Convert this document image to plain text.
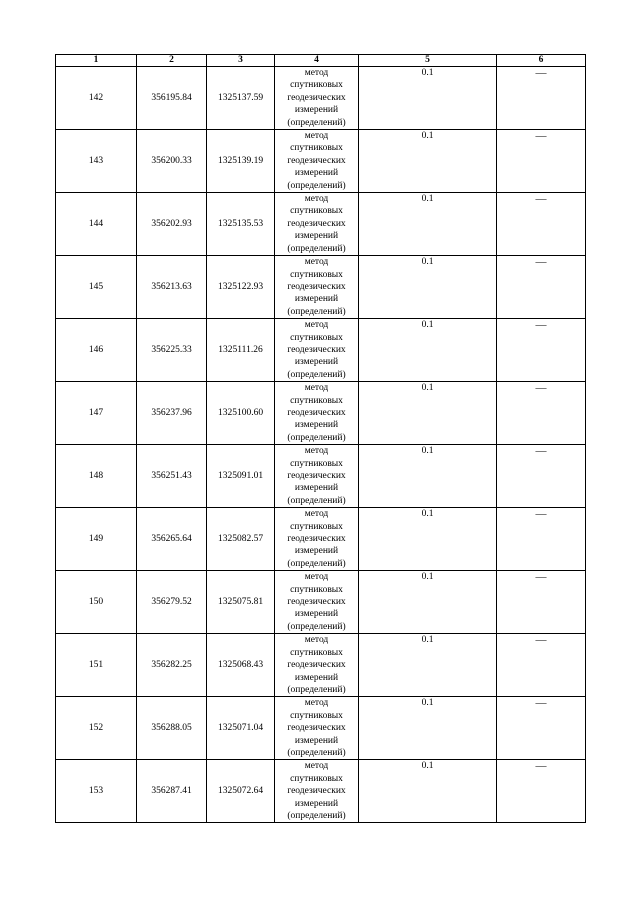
1	2	3	4	5	6
142	356195.84	1325137.59	метод
спутниковых
геодезических
измерений
(определений)	0.1	—
143	356200.33	1325139.19	метод
спутниковых
геодезических
измерений
(определений)	0.1	—
144	356202.93	1325135.53	метод
спутниковых
геодезических
измерений
(определений)	0.1	—
145	356213.63	1325122.93	метод
спутниковых
геодезических
измерений
(определений)	0.1	—
146	356225.33	1325111.26	метод
спутниковых
геодезических
измерений
(определений)	0.1	—
147	356237.96	1325100.60	метод
спутниковых
геодезических
измерений
(определений)	0.1	—
148	356251.43	1325091.01	метод
спутниковых
геодезических
измерений
(определений)	0.1	—
149	356265.64	1325082.57	метод
спутниковых
геодезических
измерений
(определений)	0.1	—
150	356279.52	1325075.81	метод
спутниковых
геодезических
измерений
(определений)	0.1	—
151	356282.25	1325068.43	метод
спутниковых
геодезических
измерений
(определений)	0.1	—
152	356288.05	1325071.04	метод
спутниковых
геодезических
измерений
(определений)	0.1	—
153	356287.41	1325072.64	метод
спутниковых
геодезических
измерений
(определений)	0.1	—
